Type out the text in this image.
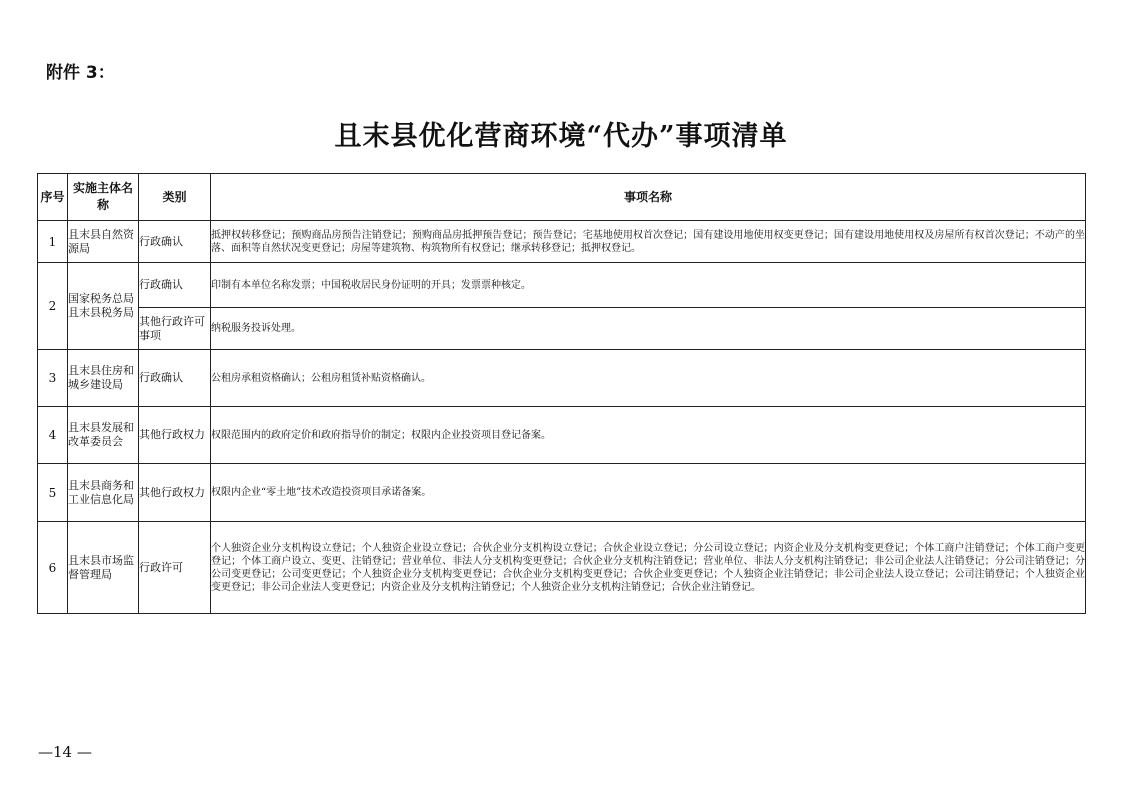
附件 3：
且末县优化营商环境“代办”事项清单
序号	实施主体名称	类别	事项名称
1	且末县自然资源局	行政确认	抵押权转移登记；预购商品房预告注销登记；预购商品房抵押预告登记；预告登记；宅基地使用权首次登记；国有建设用地使用权变更登记；国有建设用地使用权及房屋所有权首次登记；不动产的坐落、面积等自然状况变更登记；房屋等建筑物、构筑物所有权登记；继承转移登记；抵押权登记。
2	国家税务总局且末县税务局	行政确认	印制有本单位名称发票；中国税收居民身份证明的开具；发票票种核定。
		其他行政许可事项	纳税服务投诉处理。
3	且末县住房和城乡建设局	行政确认	公租房承租资格确认；公租房租赁补贴资格确认。
4	且末县发展和改革委员会	其他行政权力	权限范围内的政府定价和政府指导价的制定；权限内企业投资项目登记备案。
5	且末县商务和工业信息化局	其他行政权力	权限内企业“零土地”技术改造投资项目承诺备案。
6	且末县市场监督管理局	行政许可	个人独资企业分支机构设立登记；个人独资企业设立登记；合伙企业分支机构设立登记；合伙企业设立登记；分公司设立登记；内资企业及分支机构变更登记；个体工商户注销登记；个体工商户变更登记；个体工商户设立、变更、注销登记；营业单位、非法人分支机构变更登记；合伙企业分支机构注销登记；营业单位、非法人分支机构注销登记；非公司企业法人注销登记；分公司注销登记；分公司变更登记；公司变更登记；个人独资企业分支机构变更登记；合伙企业分支机构变更登记；合伙企业变更登记；个人独资企业注销登记；非公司企业法人设立登记；公司注销登记；个人独资企业变更登记；非公司企业法人变更登记；内资企业及分支机构注销登记；个人独资企业分支机构注销登记；合伙企业注销登记。
—14 —
